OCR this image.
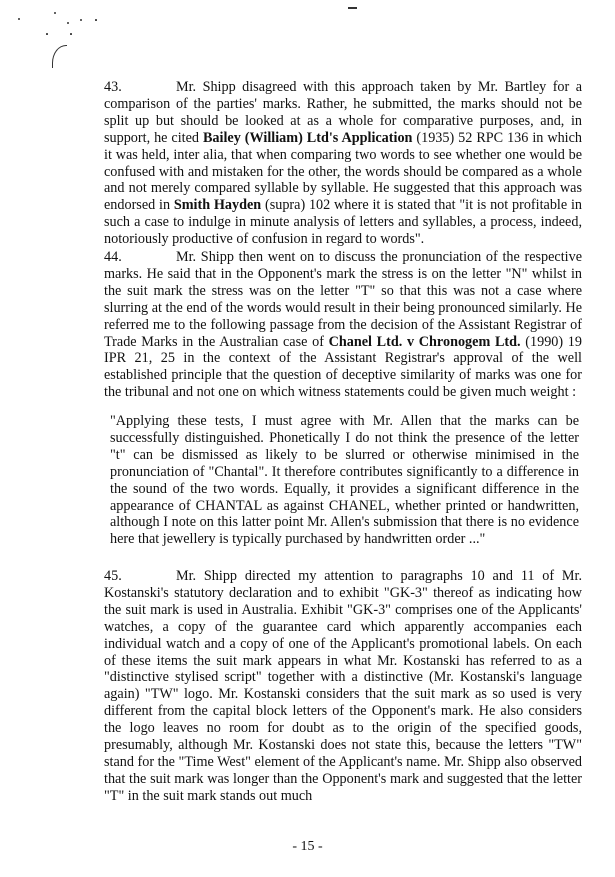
43.	Mr. Shipp disagreed with this approach taken by Mr. Bartley for a comparison of the parties' marks. Rather, he submitted, the marks should not be split up but should be looked at as a whole for comparative purposes, and, in support, he cited Bailey (William) Ltd's Application (1935) 52 RPC 136 in which it was held, inter alia, that when comparing two words to see whether one would be confused with and mistaken for the other, the words should be compared as a whole and not merely compared syllable by syllable. He suggested that this approach was endorsed in Smith Hayden (supra) 102 where it is stated that "it is not profitable in such a case to indulge in minute analysis of letters and syllables, a process, indeed, notoriously productive of confusion in regard to words".
44.	Mr. Shipp then went on to discuss the pronunciation of the respective marks. He said that in the Opponent's mark the stress is on the letter "N" whilst in the suit mark the stress was on the letter "T" so that this was not a case where slurring at the end of the words would result in their being pronounced similarly. He referred me to the following passage from the decision of the Assistant Registrar of Trade Marks in the Australian case of Chanel Ltd. v Chronogem Ltd. (1990) 19 IPR 21, 25 in the context of the Assistant Registrar's approval of the well established principle that the question of deceptive similarity of marks was one for the tribunal and not one on which witness statements could be given much weight :
"Applying these tests, I must agree with Mr. Allen that the marks can be successfully distinguished. Phonetically I do not think the presence of the letter "t" can be dismissed as likely to be slurred or otherwise minimised in the pronunciation of "Chantal". It therefore contributes significantly to a difference in the sound of the two words. Equally, it provides a significant difference in the appearance of CHANTAL as against CHANEL, whether printed or handwritten, although I note on this latter point Mr. Allen's submission that there is no evidence here that jewellery is typically purchased by handwritten order ..."
45.	Mr. Shipp directed my attention to paragraphs 10 and 11 of Mr. Kostanski's statutory declaration and to exhibit "GK-3" thereof as indicating how the suit mark is used in Australia. Exhibit "GK-3" comprises one of the Applicants' watches, a copy of the guarantee card which apparently accompanies each individual watch and a copy of one of the Applicant's promotional labels. On each of these items the suit mark appears in what Mr. Kostanski has referred to as a "distinctive stylised script" together with a distinctive (Mr. Kostanski's language again) "TW" logo. Mr. Kostanski considers that the suit mark as so used is very different from the capital block letters of the Opponent's mark. He also considers the logo leaves no room for doubt as to the origin of the specified goods, presumably, although Mr. Kostanski does not state this, because the letters "TW" stand for the "Time West" element of the Applicant's name. Mr. Shipp also observed that the suit mark was longer than the Opponent's mark and suggested that the letter "T" in the suit mark stands out much
- 15 -
